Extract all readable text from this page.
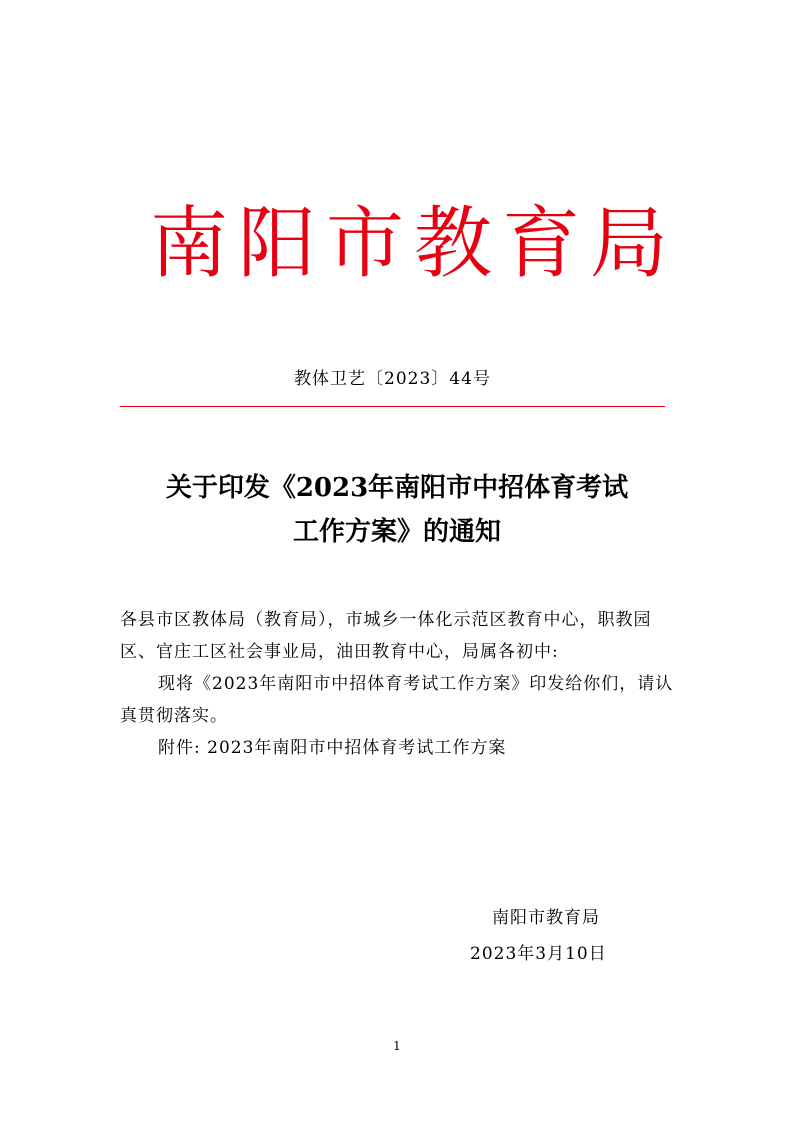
南阳市教育局
教体卫艺〔2023〕44号
关于印发《2023年南阳市中招体育考试
工作方案》的通知

各县市区教体局（教育局），市城乡一体化示范区教育中心，职教园区、官庄工区社会事业局，油田教育中心，局属各初中:

现将《2023年南阳市中招体育考试工作方案》印发给你们，请认真贯彻落实。

附件: 2023年南阳市中招体育考试工作方案

南阳市教育局
2023年3月10日
1
